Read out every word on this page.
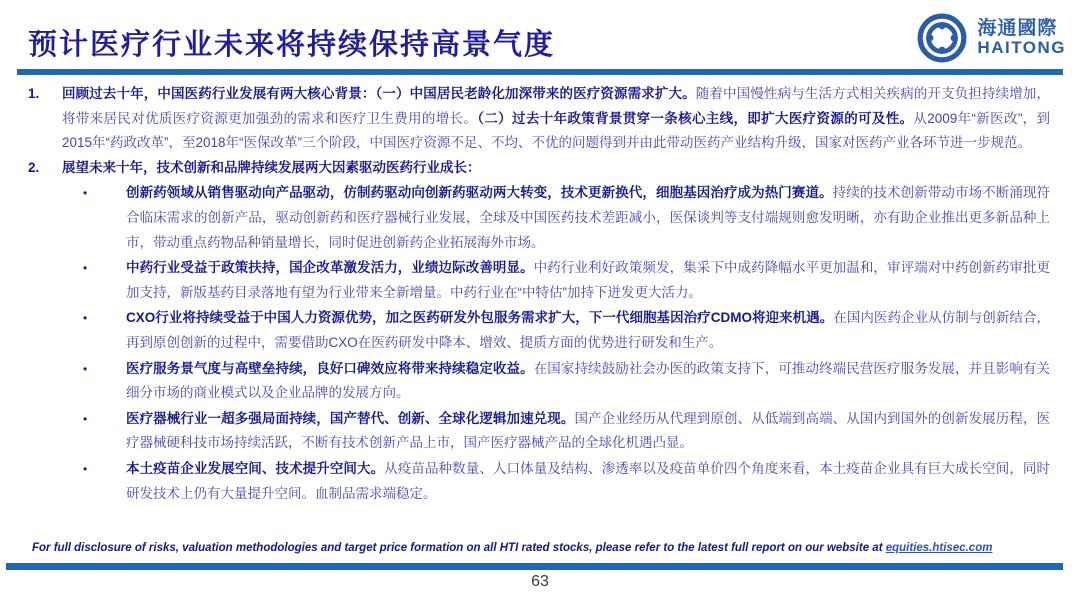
预计医疗行业未来将持续保持高景气度
海通國際
HAITONG
1.	回顾过去十年，中国医药行业发展有两大核心背景：（一）中国居民老龄化加深带来的医疗资源需求扩大。随着中国慢性病与生活方式相关疾病的开支负担持续增加，将带来居民对优质医疗资源更加强劲的需求和医疗卫生费用的增长。（二）过去十年政策背景贯穿一条核心主线，即扩大医疗资源的可及性。从2009年“新医改”，到2015年“药政改革”，至2018年“医保改革”三个阶段，中国医疗资源不足、不均、不优的问题得到并由此带动医药产业结构升级，国家对医药产业各环节进一步规范。
2.	展望未来十年，技术创新和品牌持续发展两大因素驱动医药行业成长：
•	创新药领域从销售驱动向产品驱动，仿制药驱动向创新药驱动两大转变，技术更新换代，细胞基因治疗成为热门赛道。持续的技术创新带动市场不断涌现符合临床需求的创新产品，驱动创新药和医疗器械行业发展，全球及中国医药技术差距减小，医保谈判等支付端规则愈发明晰，亦有助企业推出更多新品种上市，带动重点药物品种销量增长，同时促进创新药企业拓展海外市场。
•	中药行业受益于政策扶持，国企改革激发活力，业绩边际改善明显。中药行业利好政策频发，集采下中成药降幅水平更加温和，审评端对中药创新药审批更加支持，新版基药目录落地有望为行业带来全新增量。中药行业在“中特估”加持下迸发更大活力。
•	CXO行业将持续受益于中国人力资源优势，加之医药研发外包服务需求扩大，下一代细胞基因治疗CDMO将迎来机遇。在国内医药企业从仿制与创新结合，再到原创创新的过程中，需要借助CXO在医药研发中降本、增效、提质方面的优势进行研发和生产。
•	医疗服务景气度与高壁垒持续，良好口碑效应将带来持续稳定收益。在国家持续鼓励社会办医的政策支持下，可推动终端民营医疗服务发展，并且影响有关细分市场的商业模式以及企业品牌的发展方向。
•	医疗器械行业一超多强局面持续，国产替代、创新、全球化逻辑加速兑现。国产企业经历从代理到原创、从低端到高端、从国内到国外的创新发展历程，医疗器械硬科技市场持续活跃，不断有技术创新产品上市，国产医疗器械产品的全球化机遇凸显。
•	本土疫苗企业发展空间、技术提升空间大。从疫苗品种数量、人口体量及结构、渗透率以及疫苗单价四个角度来看，本土疫苗企业具有巨大成长空间，同时研发技术上仍有大量提升空间。血制品需求端稳定。
For full disclosure of risks, valuation methodologies and target price formation on all HTI rated stocks, please refer to the latest full report on our website at equities.htisec.com
63
